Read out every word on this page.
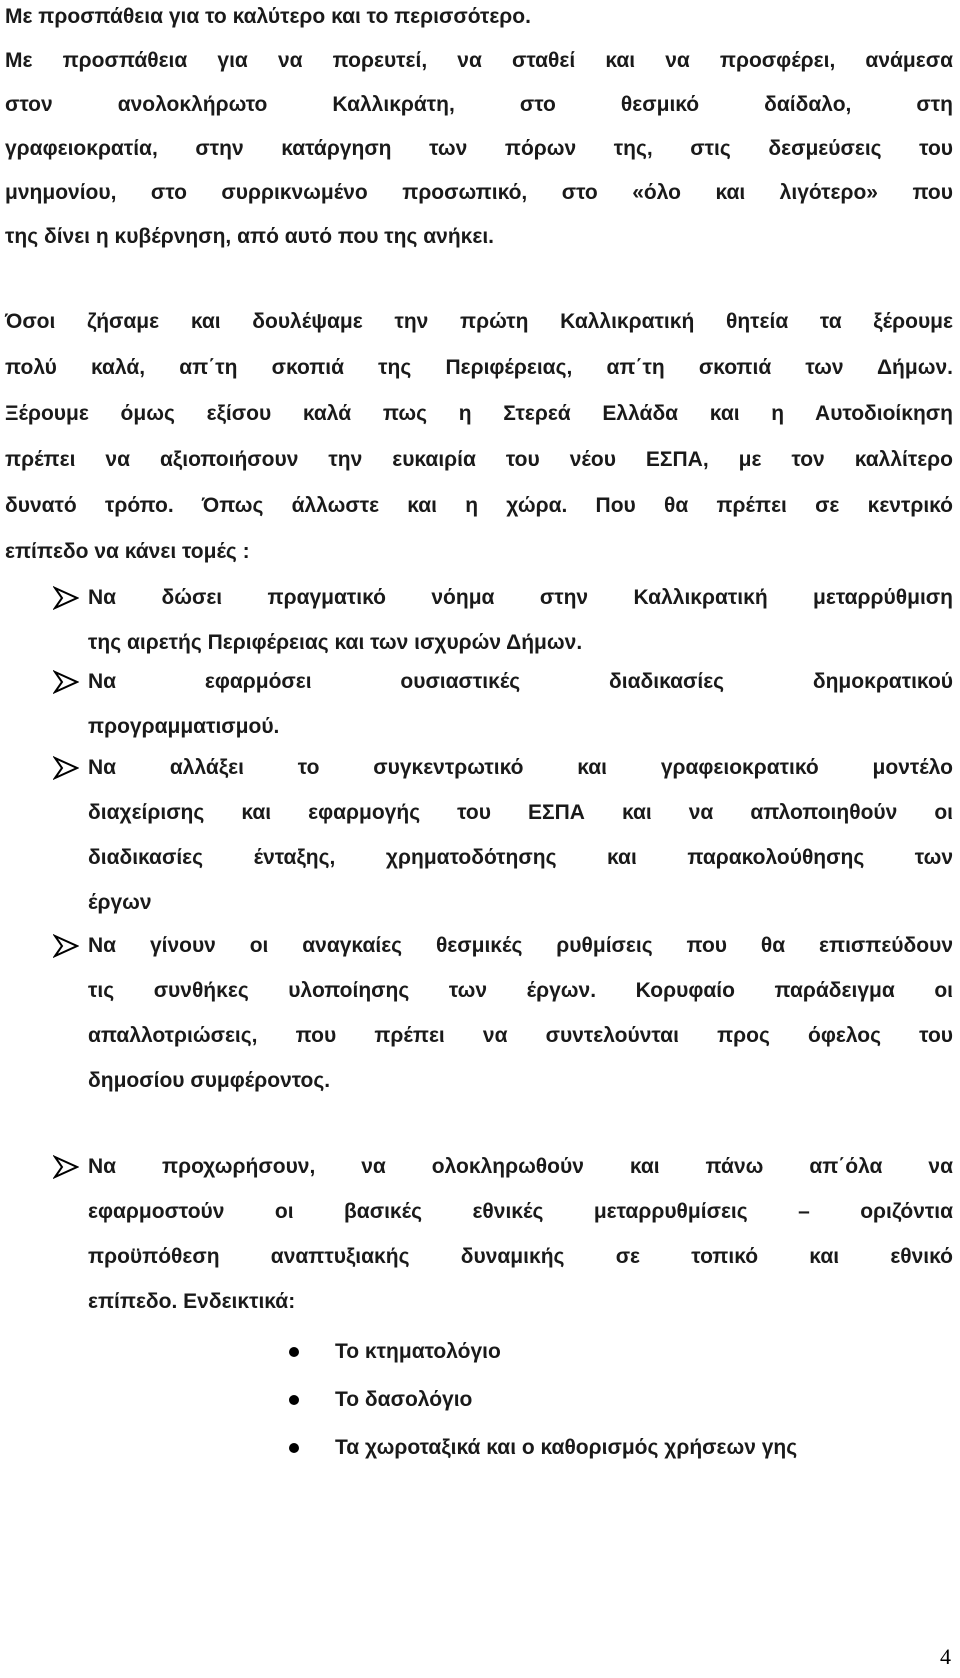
Με προσπάθεια για το καλύτερο και το περισσότερο.
Με προσπάθεια για να πορευτεί, να σταθεί και να προσφέρει, ανάμεσα
στον ανολοκλήρωτο Καλλικράτη, στο θεσμικό δαίδαλο, στη
γραφειοκρατία, στην κατάργηση των πόρων της, στις δεσμεύσεις του
μνημονίου, στο συρρικνωμένο προσωπικό, στο «όλο και λιγότερο» που
της δίνει η κυβέρνηση, από αυτό που της ανήκει.
Όσοι ζήσαμε και δουλέψαμε την πρώτη Καλλικρατική θητεία τα ξέρουμε
πολύ καλά, απ΄τη σκοπιά της Περιφέρειας, απ΄τη σκοπιά των Δήμων.
Ξέρουμε όμως εξίσου καλά πως η Στερεά Ελλάδα και η Αυτοδιοίκηση
πρέπει να αξιοποιήσουν την ευκαιρία του νέου ΕΣΠΑ, με τον καλλίτερο
δυνατό τρόπο. Όπως άλλωστε και η χώρα. Που θα πρέπει σε κεντρικό
επίπεδο να κάνει τομές :
Να δώσει πραγματικό νόημα στην Καλλικρατική μεταρρύθμιση
της αιρετής Περιφέρειας και των ισχυρών Δήμων.
Να εφαρμόσει ουσιαστικές διαδικασίες δημοκρατικού
προγραμματισμού.
Να αλλάξει το συγκεντρωτικό και γραφειοκρατικό μοντέλο
διαχείρισης και εφαρμογής του ΕΣΠΑ και να απλοποιηθούν οι
διαδικασίες ένταξης, χρηματοδότησης και παρακολούθησης των
έργων
Να γίνουν οι αναγκαίες θεσμικές ρυθμίσεις που θα επισπεύδουν
τις συνθήκες υλοποίησης των έργων. Κορυφαίο παράδειγμα οι
απαλλοτριώσεις, που πρέπει να συντελούνται προς όφελος του
δημοσίου συμφέροντος.
Να προχωρήσουν, να ολοκληρωθούν και πάνω απ΄όλα να
εφαρμοστούν οι βασικές εθνικές μεταρρυθμίσεις – οριζόντια
προϋπόθεση αναπτυξιακής δυναμικής σε τοπικό και εθνικό
επίπεδο. Ενδεικτικά:
Το κτηματολόγιο
Το δασολόγιο
Τα χωροταξικά και ο καθορισμός χρήσεων γης
4
